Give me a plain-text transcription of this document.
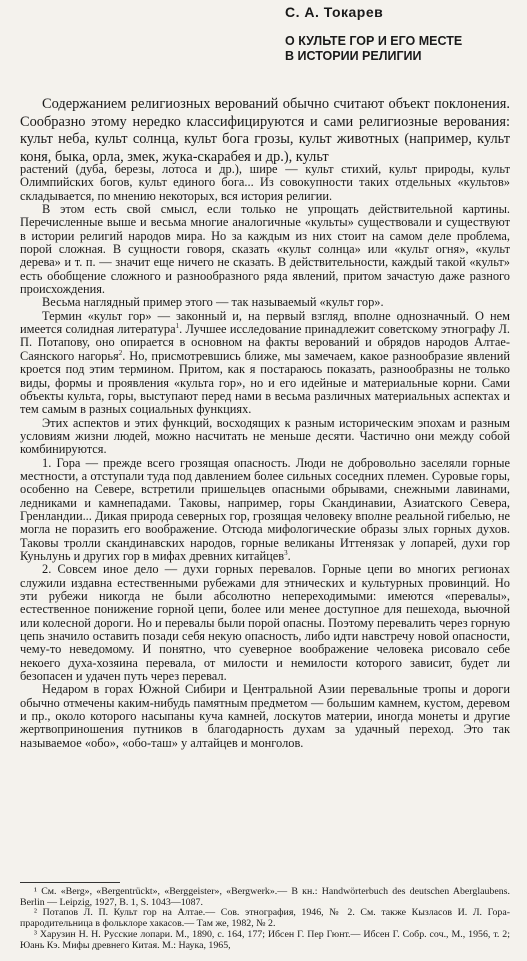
С. А. Токарев
О КУЛЬТЕ ГОР И ЕГО МЕСТЕ
В ИСТОРИИ РЕЛИГИИ

Содержанием религиозных верований обычно считают объект поклонения. Сообразно этому нередко классифицируются и сами религиозные верования: культ неба, культ солнца, культ бога грозы, культ животных (например, культ коня, быка, орла, змек, жука-скарабея и др.), культ

растений (дуба, березы, лотоса и др.), шире — культ стихий, культ природы, культ Олимпийских богов, культ единого бога... Из совокупности таких отдельных «культов» складывается, по мнению некоторых, вся история религии.

В этом есть свой смысл, если только не упрощать действительной картины. Перечисленные выше и весьма многие аналогичные «культы» существовали и существуют в истории религий народов мира. Но за каждым из них стоит на самом деле проблема, порой сложная. В сущности говоря, сказать «культ солнца» или «культ огня», «культ дерева» и т. п. — значит еще ничего не сказать. В действительности, каждый такой «культ» есть обобщение сложного и разнообразного ряда явлений, притом зачастую даже разного происхождения.

Весьма наглядный пример этого — так называемый «культ гор».

Термин «культ гор» — законный и, на первый взгляд, вполне однозначный. О нем имеется солидная литература$^1$. Лучшее исследование принадлежит советскому этнографу Л. П. Потапову, оно опирается в основном на факты верований и обрядов народов Алтае-Саянского нагорья$^2$. Но, присмотревшись ближе, мы замечаем, какое разнообразие явлений кроется под этим термином. Притом, как я постараюсь показать, разнообразны не только виды, формы и проявления «культа гор», но и его идейные и материальные корни. Сами объекты культа, горы, выступают перед нами в весьма различных материальных аспектах и тем самым в разных социальных функциях.

Этих аспектов и этих функций, восходящих к разным историческим эпохам и разным условиям жизни людей, можно насчитать не меньше десяти. Частично они между собой комбинируются.

1. Гора — прежде всего грозящая опасность. Люди не добровольно заселяли горные местности, а отступали туда под давлением более сильных соседних племен. Суровые горы, особенно на Севере, встретили пришельцев опасными обрывами, снежными лавинами, ледниками и камнепадами. Таковы, например, горы Скандинавии, Азиатского Севера, Гренландии... Дикая природа северных гор, грозящая человеку вполне реальной гибелью, не могла не поразить его воображение. Отсюда мифологические образы злых горных духов. Таковы тролли скандинавских народов, горные великаны Иттенязак у лопарей, духи гор Куньлунь и других гор в мифах древних китайцев$^3$.

2. Совсем иное дело — духи горных перевалов. Горные цепи во многих регионах служили издавна естественными рубежами для этнических и культурных провинций. Но эти рубежи никогда не были абсолютно непереходимыми: имеются «перевалы», естественное понижение горной цепи, более или менее доступное для пешехода, вьючной или колесной дороги. Но и перевалы были порой опасны. Поэтому перевалить через горную цепь значило оставить позади себя некую опасность, либо идти навстречу новой опасности, чему-то неведомому. И понятно, что суеверное воображение человека рисовало себе некоего духа-хозяина перевала, от милости и немилости которого зависит, будет ли безопасен и удачен путь через перевал.

Недаром в горах Южной Сибири и Центральной Азии перевальные тропы и дороги обычно отмечены каким-нибудь памятным предметом — большим камнем, кустом, деревом и пр., около которого насыпаны куча камней, лоскутов материи, иногда монеты и другие жертвоприношения путников в благодарность духам за удачный переход. Это так называемое «обо», «обо-таш» у алтайцев и монголов.

¹ См. «Berg», «Bergentrückt», «Berggeister», «Bergwerk».— В кн.: Handwörterbuch des deutschen Aberglaubens. Berlin — Leipzig, 1927, B. 1, S. 1043—1087.

² Потапов Л. П. Культ гор на Алтае.— Сов. этнография, 1946, № 2. См. также Кызласов И. Л. Гора-прародительница в фольклоре хакасов.— Там же, 1982, № 2.

³ Харузин Н. Н. Русские лопари. М., 1890, с. 164, 177; Ибсен Г. Пер Гюнт.— Ибсен Г. Собр. соч., М., 1956, т. 2; Юань Кэ. Мифы древнего Китая. М.: Наука, 1965,
